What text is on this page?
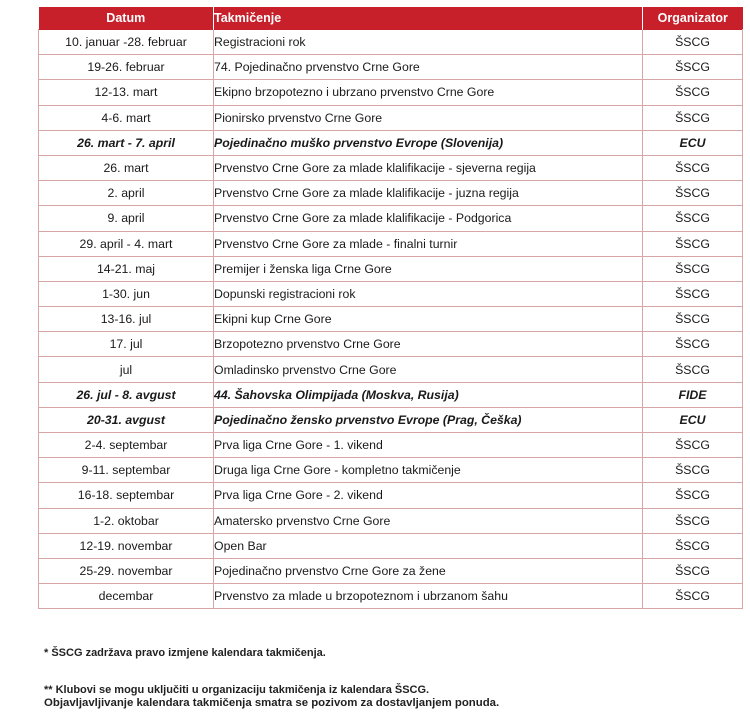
Datum	Takmičenje	Organizator
10. januar -28. februar	Registracioni rok	ŠSCG
19-26. februar	74. Pojedinačno prvenstvo Crne Gore	ŠSCG
12-13. mart	Ekipno brzopotezno i ubrzano prvenstvo Crne Gore	ŠSCG
4-6. mart	Pionirsko prvenstvo Crne Gore	ŠSCG
26. mart - 7. april	Pojedinačno muško prvenstvo Evrope (Slovenija)	ECU
26. mart	Prvenstvo Crne Gore za mlade klalifikacije - sjeverna regija	ŠSCG
2. april	Prvenstvo Crne Gore za mlade klalifikacije - juzna regija	ŠSCG
9. april	Prvenstvo Crne Gore za mlade klalifikacije - Podgorica	ŠSCG
29. april - 4. mart	Prvenstvo Crne Gore za mlade - finalni turnir	ŠSCG
14-21. maj	Premijer i ženska liga Crne Gore	ŠSCG
1-30. jun	Dopunski registracioni rok	ŠSCG
13-16. jul	Ekipni kup Crne Gore	ŠSCG
17. jul	Brzopotezno prvenstvo Crne Gore	ŠSCG
jul	Omladinsko prvenstvo Crne Gore	ŠSCG
26. jul - 8. avgust	44. Šahovska Olimpijada (Moskva, Rusija)	FIDE
20-31. avgust	Pojedinačno žensko prvenstvo Evrope (Prag, Češka)	ECU
2-4. septembar	Prva liga Crne Gore - 1. vikend	ŠSCG
9-11. septembar	Druga liga Crne Gore - kompletno takmičenje	ŠSCG
16-18. septembar	Prva liga Crne Gore - 2. vikend	ŠSCG
1-2. oktobar	Amatersko prvenstvo Crne Gore	ŠSCG
12-19. novembar	Open Bar	ŠSCG
25-29. novembar	Pojedinačno prvenstvo Crne Gore za žene	ŠSCG
decembar	Prvenstvo za mlade u brzopoteznom i ubrzanom šahu	ŠSCG
* ŠSCG zadržava pravo izmjene kalendara takmičenja.
** Klubovi se mogu uključiti u organizaciju takmičenja iz kalendara ŠSCG.
Objavljavljivanje kalendara takmičenja smatra se pozivom za dostavljanjem ponuda.
